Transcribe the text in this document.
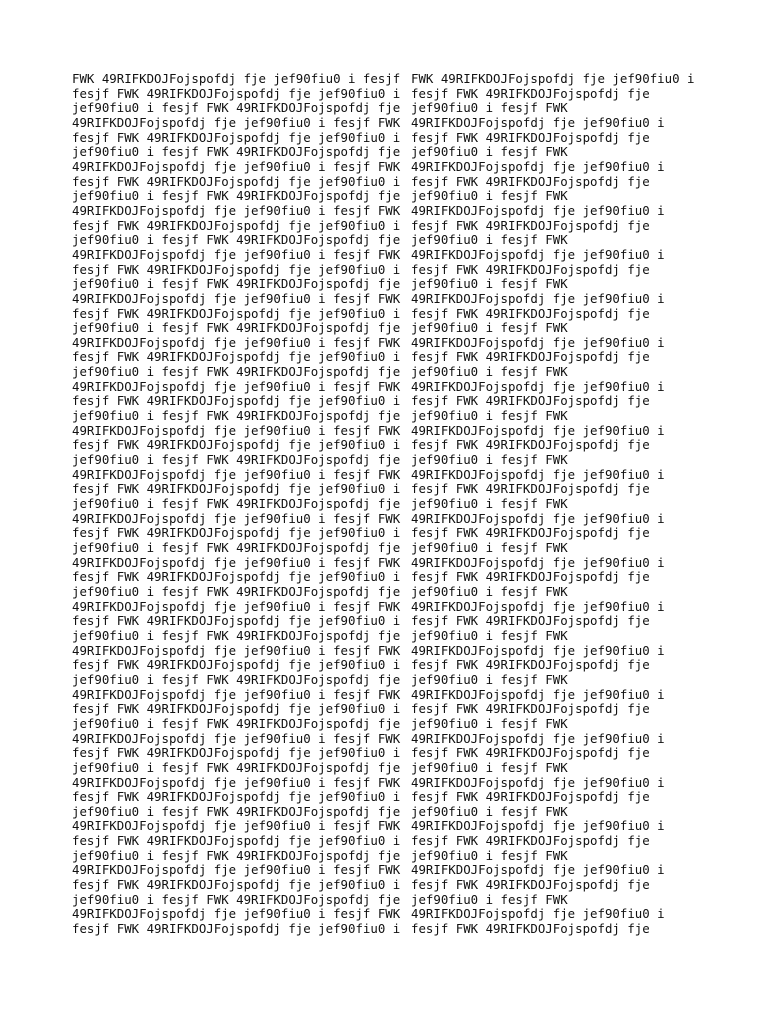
FWK 49RIFKDOJFojspofdj fje jef90fiu0 i fesjf
fesjf FWK 49RIFKDOJFojspofdj fje jef90fiu0 i
jef90fiu0 i fesjf FWK 49RIFKDOJFojspofdj fje
49RIFKDOJFojspofdj fje jef90fiu0 i fesjf FWK
fesjf FWK 49RIFKDOJFojspofdj fje jef90fiu0 i
jef90fiu0 i fesjf FWK 49RIFKDOJFojspofdj fje
49RIFKDOJFojspofdj fje jef90fiu0 i fesjf FWK
fesjf FWK 49RIFKDOJFojspofdj fje jef90fiu0 i
jef90fiu0 i fesjf FWK 49RIFKDOJFojspofdj fje
49RIFKDOJFojspofdj fje jef90fiu0 i fesjf FWK
fesjf FWK 49RIFKDOJFojspofdj fje jef90fiu0 i
jef90fiu0 i fesjf FWK 49RIFKDOJFojspofdj fje
49RIFKDOJFojspofdj fje jef90fiu0 i fesjf FWK
fesjf FWK 49RIFKDOJFojspofdj fje jef90fiu0 i
jef90fiu0 i fesjf FWK 49RIFKDOJFojspofdj fje
49RIFKDOJFojspofdj fje jef90fiu0 i fesjf FWK
fesjf FWK 49RIFKDOJFojspofdj fje jef90fiu0 i
jef90fiu0 i fesjf FWK 49RIFKDOJFojspofdj fje
49RIFKDOJFojspofdj fje jef90fiu0 i fesjf FWK
fesjf FWK 49RIFKDOJFojspofdj fje jef90fiu0 i
jef90fiu0 i fesjf FWK 49RIFKDOJFojspofdj fje
49RIFKDOJFojspofdj fje jef90fiu0 i fesjf FWK
fesjf FWK 49RIFKDOJFojspofdj fje jef90fiu0 i
jef90fiu0 i fesjf FWK 49RIFKDOJFojspofdj fje
49RIFKDOJFojspofdj fje jef90fiu0 i fesjf FWK
fesjf FWK 49RIFKDOJFojspofdj fje jef90fiu0 i
jef90fiu0 i fesjf FWK 49RIFKDOJFojspofdj fje
49RIFKDOJFojspofdj fje jef90fiu0 i fesjf FWK
fesjf FWK 49RIFKDOJFojspofdj fje jef90fiu0 i
jef90fiu0 i fesjf FWK 49RIFKDOJFojspofdj fje
49RIFKDOJFojspofdj fje jef90fiu0 i fesjf FWK
fesjf FWK 49RIFKDOJFojspofdj fje jef90fiu0 i
jef90fiu0 i fesjf FWK 49RIFKDOJFojspofdj fje
49RIFKDOJFojspofdj fje jef90fiu0 i fesjf FWK
fesjf FWK 49RIFKDOJFojspofdj fje jef90fiu0 i
jef90fiu0 i fesjf FWK 49RIFKDOJFojspofdj fje
49RIFKDOJFojspofdj fje jef90fiu0 i fesjf FWK
fesjf FWK 49RIFKDOJFojspofdj fje jef90fiu0 i
jef90fiu0 i fesjf FWK 49RIFKDOJFojspofdj fje
49RIFKDOJFojspofdj fje jef90fiu0 i fesjf FWK
fesjf FWK 49RIFKDOJFojspofdj fje jef90fiu0 i
jef90fiu0 i fesjf FWK 49RIFKDOJFojspofdj fje
49RIFKDOJFojspofdj fje jef90fiu0 i fesjf FWK
fesjf FWK 49RIFKDOJFojspofdj fje jef90fiu0 i
jef90fiu0 i fesjf FWK 49RIFKDOJFojspofdj fje
49RIFKDOJFojspofdj fje jef90fiu0 i fesjf FWK
fesjf FWK 49RIFKDOJFojspofdj fje jef90fiu0 i
jef90fiu0 i fesjf FWK 49RIFKDOJFojspofdj fje
49RIFKDOJFojspofdj fje jef90fiu0 i fesjf FWK
fesjf FWK 49RIFKDOJFojspofdj fje jef90fiu0 i
jef90fiu0 i fesjf FWK 49RIFKDOJFojspofdj fje
49RIFKDOJFojspofdj fje jef90fiu0 i fesjf FWK
fesjf FWK 49RIFKDOJFojspofdj fje jef90fiu0 i
jef90fiu0 i fesjf FWK 49RIFKDOJFojspofdj fje
49RIFKDOJFojspofdj fje jef90fiu0 i fesjf FWK
fesjf FWK 49RIFKDOJFojspofdj fje jef90fiu0 i
jef90fiu0 i fesjf FWK 49RIFKDOJFojspofdj fje
49RIFKDOJFojspofdj fje jef90fiu0 i fesjf FWK
fesjf FWK 49RIFKDOJFojspofdj fje jef90fiu0 i
FWK 49RIFKDOJFojspofdj fje jef90fiu0 i
fesjf FWK 49RIFKDOJFojspofdj fje
jef90fiu0 i fesjf FWK
49RIFKDOJFojspofdj fje jef90fiu0 i
fesjf FWK 49RIFKDOJFojspofdj fje
jef90fiu0 i fesjf FWK
49RIFKDOJFojspofdj fje jef90fiu0 i
fesjf FWK 49RIFKDOJFojspofdj fje
jef90fiu0 i fesjf FWK
49RIFKDOJFojspofdj fje jef90fiu0 i
fesjf FWK 49RIFKDOJFojspofdj fje
jef90fiu0 i fesjf FWK
49RIFKDOJFojspofdj fje jef90fiu0 i
fesjf FWK 49RIFKDOJFojspofdj fje
jef90fiu0 i fesjf FWK
49RIFKDOJFojspofdj fje jef90fiu0 i
fesjf FWK 49RIFKDOJFojspofdj fje
jef90fiu0 i fesjf FWK
49RIFKDOJFojspofdj fje jef90fiu0 i
fesjf FWK 49RIFKDOJFojspofdj fje
jef90fiu0 i fesjf FWK
49RIFKDOJFojspofdj fje jef90fiu0 i
fesjf FWK 49RIFKDOJFojspofdj fje
jef90fiu0 i fesjf FWK
49RIFKDOJFojspofdj fje jef90fiu0 i
fesjf FWK 49RIFKDOJFojspofdj fje
jef90fiu0 i fesjf FWK
49RIFKDOJFojspofdj fje jef90fiu0 i
fesjf FWK 49RIFKDOJFojspofdj fje
jef90fiu0 i fesjf FWK
49RIFKDOJFojspofdj fje jef90fiu0 i
fesjf FWK 49RIFKDOJFojspofdj fje
jef90fiu0 i fesjf FWK
49RIFKDOJFojspofdj fje jef90fiu0 i
fesjf FWK 49RIFKDOJFojspofdj fje
jef90fiu0 i fesjf FWK
49RIFKDOJFojspofdj fje jef90fiu0 i
fesjf FWK 49RIFKDOJFojspofdj fje
jef90fiu0 i fesjf FWK
49RIFKDOJFojspofdj fje jef90fiu0 i
fesjf FWK 49RIFKDOJFojspofdj fje
jef90fiu0 i fesjf FWK
49RIFKDOJFojspofdj fje jef90fiu0 i
fesjf FWK 49RIFKDOJFojspofdj fje
jef90fiu0 i fesjf FWK
49RIFKDOJFojspofdj fje jef90fiu0 i
fesjf FWK 49RIFKDOJFojspofdj fje
jef90fiu0 i fesjf FWK
49RIFKDOJFojspofdj fje jef90fiu0 i
fesjf FWK 49RIFKDOJFojspofdj fje
jef90fiu0 i fesjf FWK
49RIFKDOJFojspofdj fje jef90fiu0 i
fesjf FWK 49RIFKDOJFojspofdj fje
jef90fiu0 i fesjf FWK
49RIFKDOJFojspofdj fje jef90fiu0 i
fesjf FWK 49RIFKDOJFojspofdj fje
jef90fiu0 i fesjf FWK
49RIFKDOJFojspofdj fje jef90fiu0 i
fesjf FWK 49RIFKDOJFojspofdj fje
